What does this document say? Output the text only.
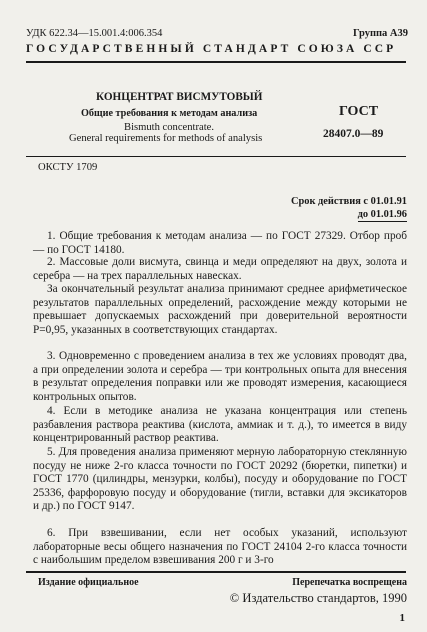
УДК 622.34—15.001.4:006.354	Группа А39
ГОСУДАРСТВЕННЫЙ СТАНДАРТ СОЮЗА ССР
КОНЦЕНТРАТ ВИСМУТОВЫЙ
Общие требования к методам анализа
Bismuth concentrate.
General requirements for methods of analysis
ГОСТ
28407.0—89
ОКСТУ 1709
Срок действия с 01.01.91
до 01.01.96
1. Общие требования к методам анализа — по ГОСТ 27329. Отбор проб — по ГОСТ 14180.
2. Массовые доли висмута, свинца и меди определяют на двух, золота и серебра — на трех параллельных навесках.
За окончательный результат анализа принимают среднее арифметическое результатов параллельных определений, расхождение между которыми не превышает допускаемых расхождений при доверительной вероятности P=0,95, указанных в соответствующих стандартах.
3. Одновременно с проведением анализа в тех же условиях проводят два, а при определении золота и серебра — три контрольных опыта для внесения в результат определения поправки или же проводят измерения, касающиеся контрольных опытов.
4. Если в методике анализа не указана концентрация или степень разбавления раствора реактива (кислота, аммиак и т. д.), то имеется в виду концентрированный раствор реактива.
5. Для проведения анализа применяют мерную лабораторную стеклянную посуду не ниже 2-го класса точности по ГОСТ 20292 (бюретки, пипетки) и ГОСТ 1770 (цилиндры, мензурки, колбы), посуду и оборудование по ГОСТ 25336, фарфоровую посуду и оборудование (тигли, вставки для эксикаторов и др.) по ГОСТ 9147.
6. При взвешивании, если нет особых указаний, используют лабораторные весы общего назначения по ГОСТ 24104 2-го класса точности с наибольшим пределом взвешивания 200 г и 3-го
Издание официальное	Перепечатка воспрещена
© Издательство стандартов, 1990
1
